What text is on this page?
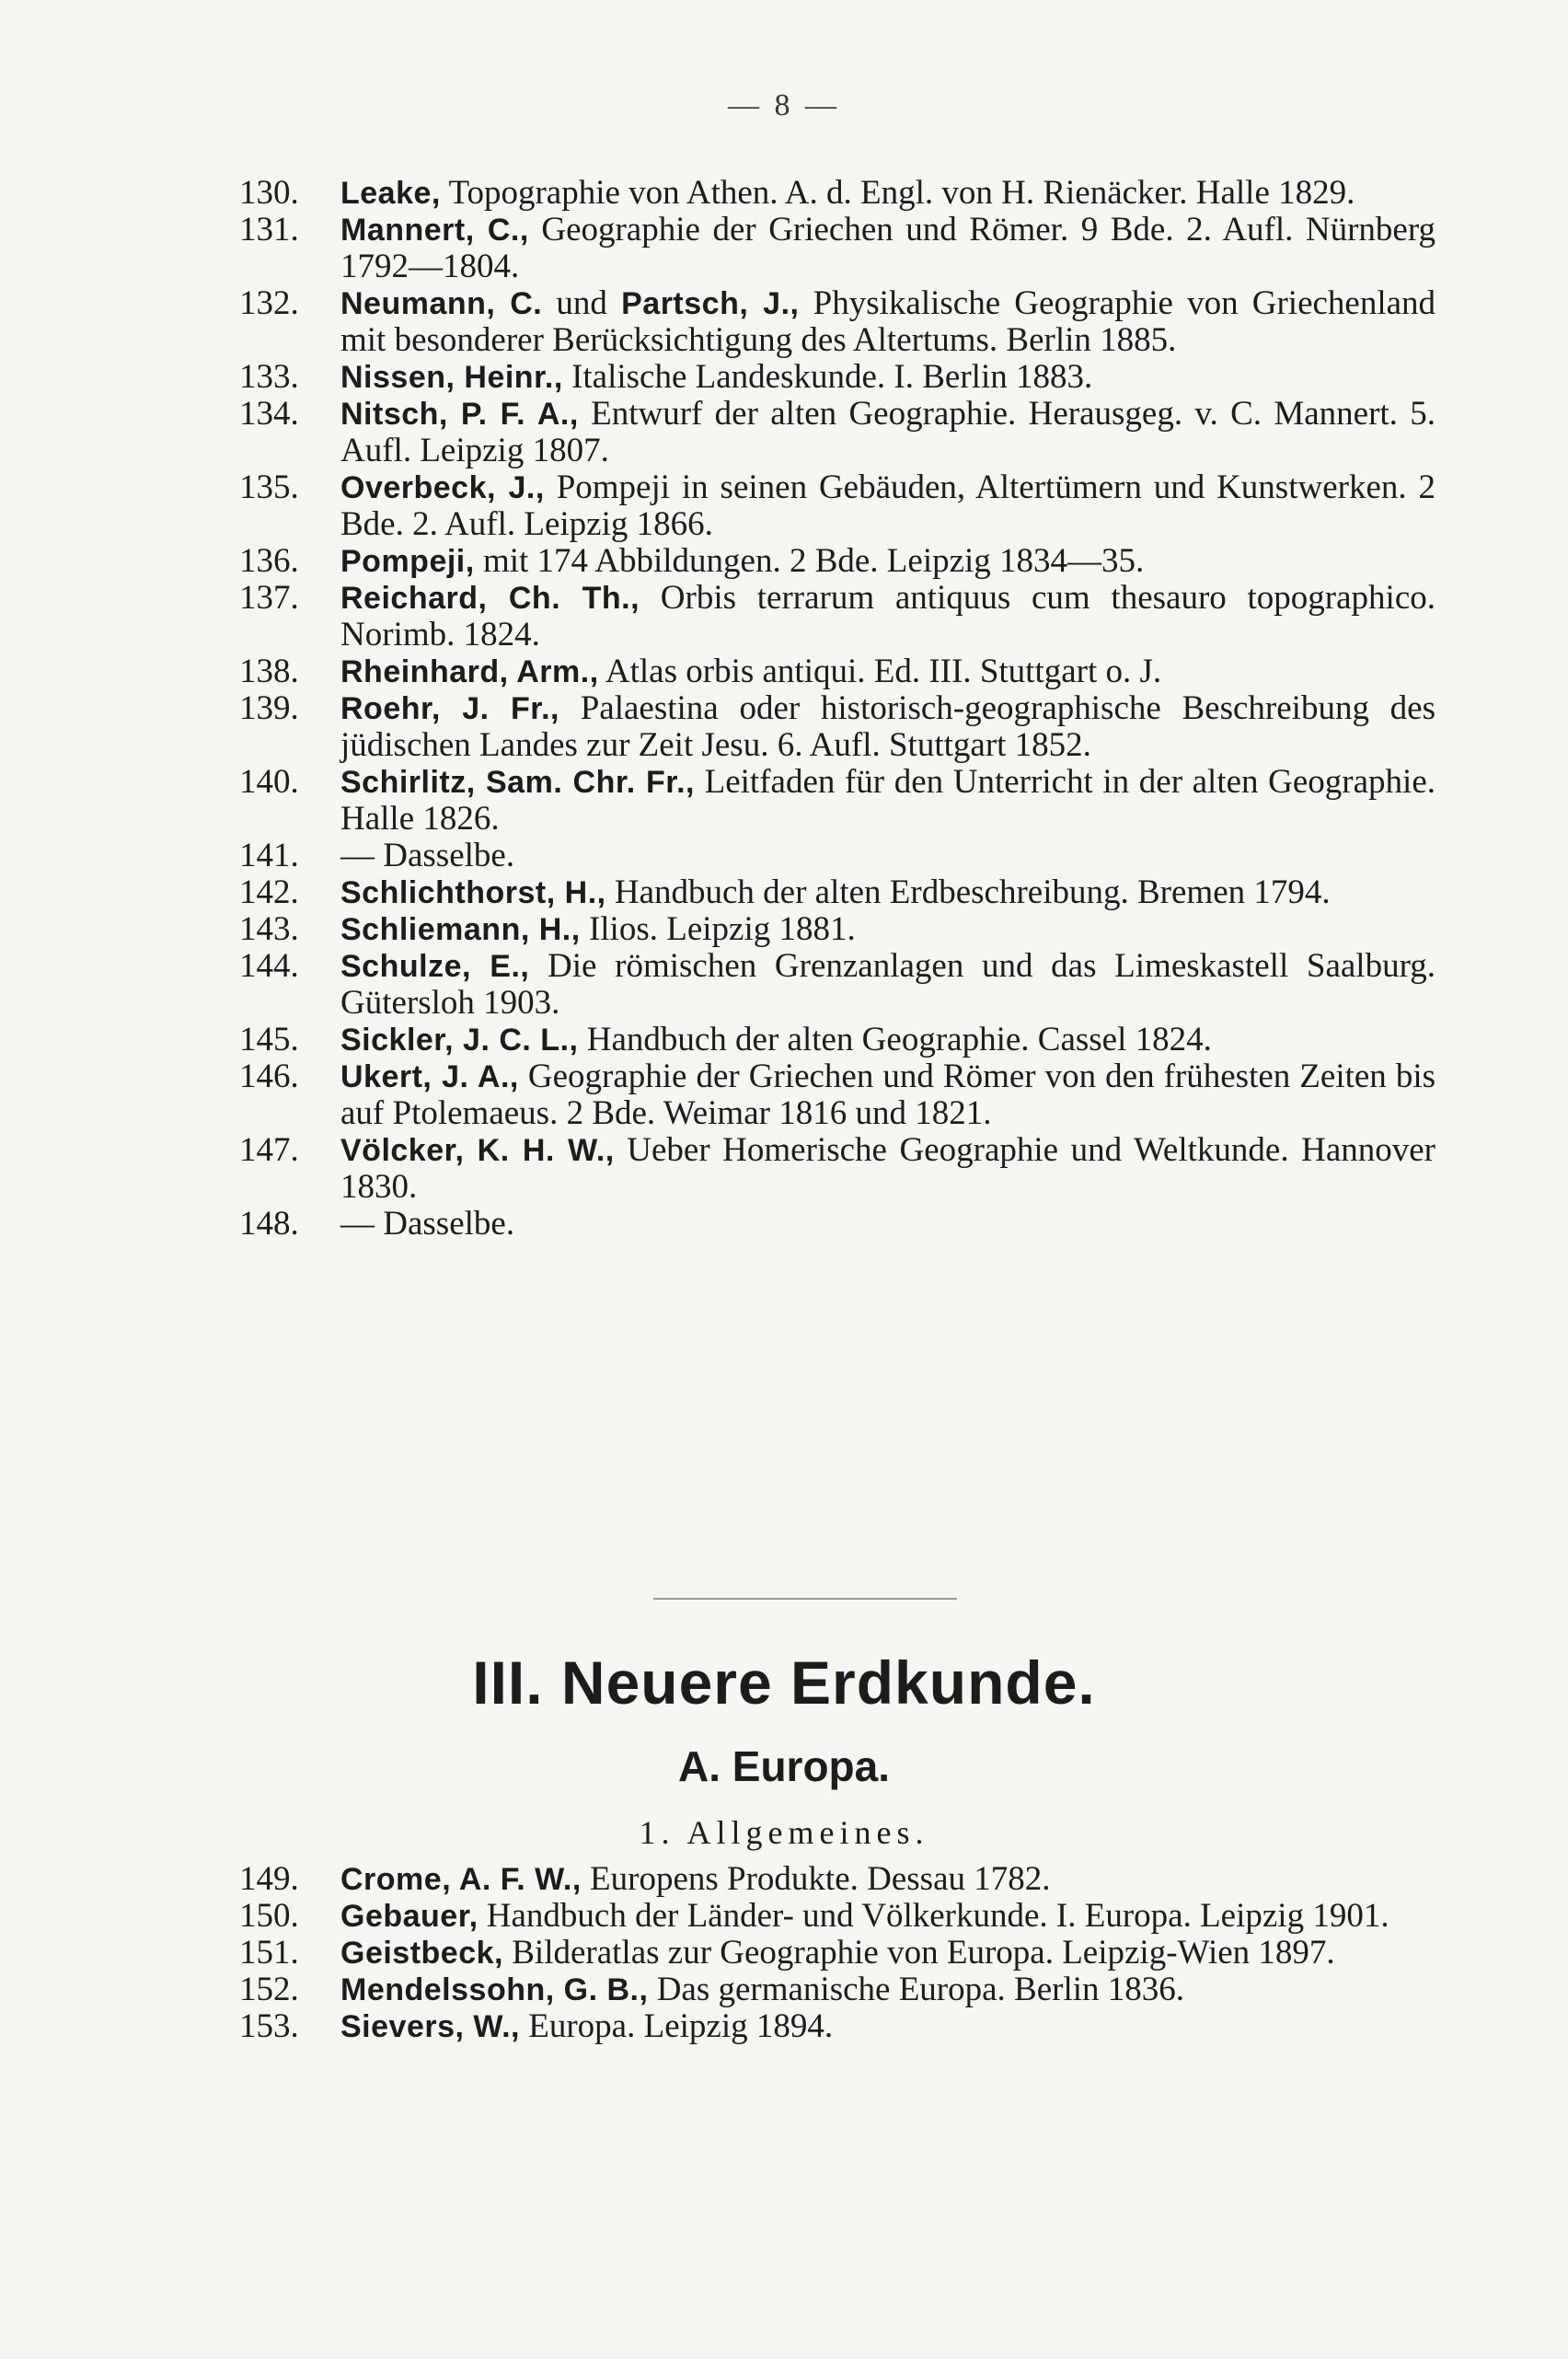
— 8 —
130.	Leake, Topographie von Athen. A. d. Engl. von H. Rienäcker. Halle 1829.
131.	Mannert, C., Geographie der Griechen und Römer. 9 Bde. 2. Aufl. Nürnberg 1792—1804.
132.	Neumann, C. und Partsch, J., Physikalische Geographie von Griechenland mit besonderer Berücksichtigung des Altertums. Berlin 1885.
133.	Nissen, Heinr., Italische Landeskunde. I. Berlin 1883.
134.	Nitsch, P. F. A., Entwurf der alten Geographie. Herausgeg. v. C. Mannert. 5. Aufl. Leipzig 1807.
135.	Overbeck, J., Pompeji in seinen Gebäuden, Altertümern und Kunstwerken. 2 Bde. 2. Aufl. Leipzig 1866.
136.	Pompeji, mit 174 Abbildungen. 2 Bde. Leipzig 1834—35.
137.	Reichard, Ch. Th., Orbis terrarum antiquus cum thesauro topographico. Norimb. 1824.
138.	Rheinhard, Arm., Atlas orbis antiqui. Ed. III. Stuttgart o. J.
139.	Roehr, J. Fr., Palaestina oder historisch-geographische Beschreibung des jüdischen Landes zur Zeit Jesu. 6. Aufl. Stuttgart 1852.
140.	Schirlitz, Sam. Chr. Fr., Leitfaden für den Unterricht in der alten Geographie. Halle 1826.
141.	— Dasselbe.
142.	Schlichthorst, H., Handbuch der alten Erdbeschreibung. Bremen 1794.
143.	Schliemann, H., Ilios. Leipzig 1881.
144.	Schulze, E., Die römischen Grenzanlagen und das Limeskastell Saalburg. Gütersloh 1903.
145.	Sickler, J. C. L., Handbuch der alten Geographie. Cassel 1824.
146.	Ukert, J. A., Geographie der Griechen und Römer von den frühesten Zeiten bis auf Ptolemaeus. 2 Bde. Weimar 1816 und 1821.
147.	Völcker, K. H. W., Ueber Homerische Geographie und Weltkunde. Hannover 1830.
148.	— Dasselbe.
III. Neuere Erdkunde.
A. Europa.
1. Allgemeines.
149.	Crome, A. F. W., Europens Produkte. Dessau 1782.
150.	Gebauer, Handbuch der Länder- und Völkerkunde. I. Europa. Leipzig 1901.
151.	Geistbeck, Bilderatlas zur Geographie von Europa. Leipzig-Wien 1897.
152.	Mendelssohn, G. B., Das germanische Europa. Berlin 1836.
153.	Sievers, W., Europa. Leipzig 1894.
